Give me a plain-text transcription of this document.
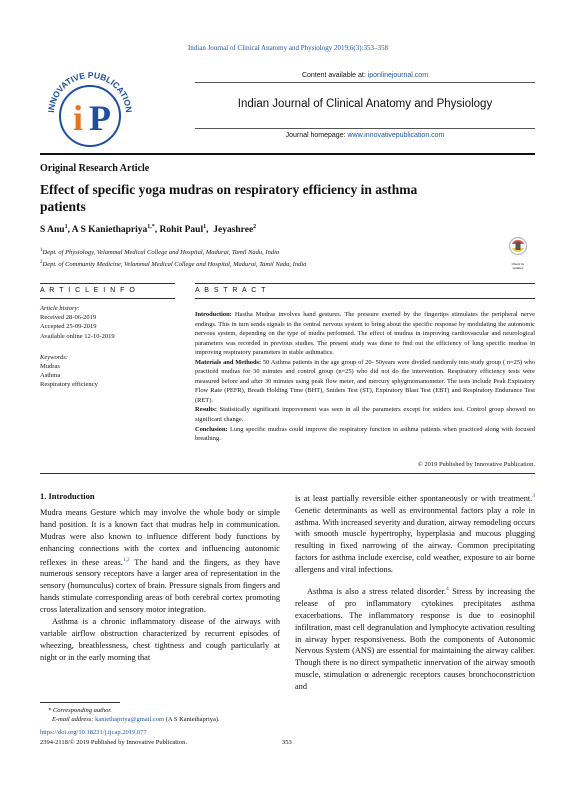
Indian Journal of Clinical Anatomy and Physiology 2019;6(3):353–358
INNOVATIVE PUBLICATION
i P
Content available at: iponlinejournal.com
Indian Journal of Clinical Anatomy and Physiology
Journal homepage: www.innovativepublication.com
Original Research Article
Effect of specific yoga mudras on respiratory efficiency in asthma patients
S Anu$^1$, A S Kaniethapriya$^{1,*}$, Rohit Paul$^1$,  Jeyashree$^2$
$^1$Dept. of Physiology, Velammal Medical College and Hospital, Madurai, Tamil Nadu, India
$^2$Dept. of Community Medicine, Velammal Medical College and Hospital, Madurai, Tamil Nadu, India	Check for updates
A R T I C L E I N F O
Article history:
Received 28-06-2019
Accepted 25-09-2019
Available online 12-10-2019
Keywords:
Mudras
Asthma
Respiratory efficiency
A B S T R A C T
Introduction: Hastha Mudras involves hand gestures. The pressure exerted by the fingertips stimulates the peripheral nerve endings. This in turn sends signals to the central nervous system to bring about the specific response by modulating the autonomic nervous system, depending on the type of mudra performed. The effect of mudras in improving cardiovascular and neurological parameters was recorded in previous studies. The present study was done to find out the efficiency of lung specific mudras in improving respiratory parameters in stable asthmatics.
Materials and Methods: 50 Asthma patients in the age group of 20- 50years were divided randomly into study group ( n=25) who practiced mudras for 30 minutes and control group (n=25) who did not do the intervention. Respiratory efficiency tests were measured before and after 30 minutes using peak flow meter, and mercury sphygmomanometer. The tests include Peak Expiratory Flow Rate (PEFR), Breath Holding Time (BHT), Sniders Test (ST), Expiratory Blast Test (EBT) and Respiratory Endurance Test (RET).
Results: Statistically significant improvement was seen in all the parameters except for sniders test. Control group showed no significant change.
Conclusion: Lung specific mudras could improve the respiratory function in asthma patients when practiced along with focused breathing.
© 2019 Published by Innovative Publication.
1. Introduction

Mudra means Gesture which may involve the whole body or simple hand position. It is a known fact that mudras help in communication. Mudras were also known to influence different body functions by enhancing connections with the cortex and influencing autonomic reflexes in these areas.$^{1,2}$ The hand and the fingers, as they have numerous sensory receptors have a larger area of representation in the sensory (homunculus) cortex of brain. Pressure signals from fingers and hands stimulate corresponding areas of both cerebral cortex promoting cross lateralization and sensory motor integration.

Asthma is a chronic inflammatory disease of the airways with variable airflow obstruction characterized by recurrent episodes of wheezing, breathlessness, chest tightness and cough particularly at night or in the early morning that

is at least partially reversible either spontaneously or with treatment.$^3$ Genetic determinants as well as environmental factors play a role in asthma. With increased severity and duration, airway remodeling occurs with smooth muscle hypertrophy, hyperplasia and mucous plugging resulting in fixed narrowing of the airway. Common precipitating factors for asthma include exercise, cold weather, exposure to air borne allergens and viral infections.

Asthma is also a stress related disorder.$^4$ Stress by increasing the release of pro inflammatory cytokines precipitates asthma exacerbations. The inflammatory response is due to eosinophil infiltration, mast cell degranulation and lymphocyte activation resulting in airway hyper responsiveness. Both the components of Autonomic Nervous System (ANS) are essential for maintaining the airway caliber. Though there is no direct sympathetic innervation of the airway smooth muscle, stimulation α adrenergic receptors causes bronchoconstriction and

* Corresponding author.
E-mail address: kaniethapriya@gmail.com (A S Kaniethapriya).
https://doi.org/10.18231/j.ijcap.2019.077
2394-2118/© 2019 Published by Innovative Publication.	353
